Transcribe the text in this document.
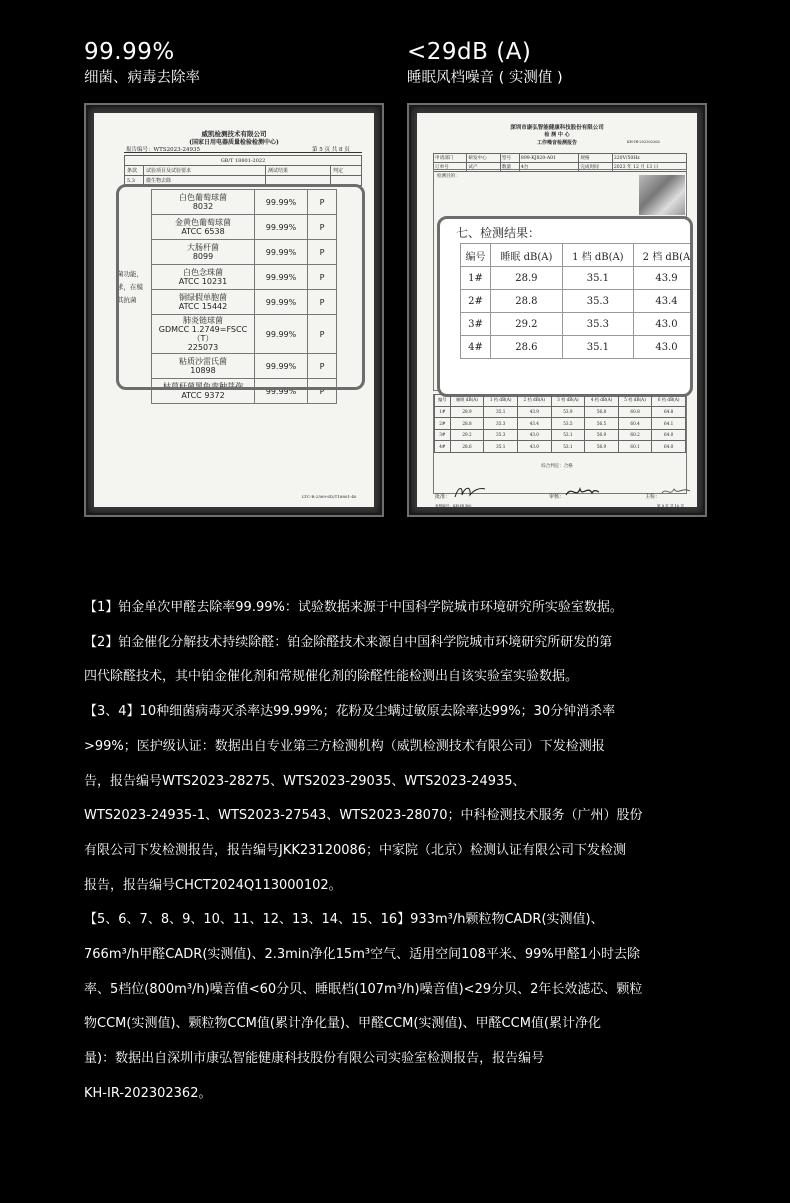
99.99%
细菌、病毒去除率
<29dB (A)
睡眠风档噪音 ( 实测值 )
威凯检测技术有限公司
(国家日用电器质量检验检测中心)
报告编号：WTS2023-24935	第 5 页 共 8 页
GB/T 18801-2022			
条款	试验项目及试验要求	测试结果	判定
5.3	微生物去除		
菌功能，
求，在模
其抗菌
。
白色葡萄球菌
8032	99.99%	P

金黄色葡萄球菌
ATCC 6538	99.99%	P

大肠杆菌
8099	99.99%	P

白色念珠菌
ATCC 10231	99.99%	P

铜绿假单胞菌
ATCC 15442	99.99%	P

肺炎链球菌
GDMCC 1.2749=FSCC（T）
225073	99.99%	P

粘质沙雷氏菌
10898	99.99%	P

枯草杆菌黑色变种芽孢
ATCC 9372	99.99%	P
LTC-R-2569-SD/T18801-40
深圳市康弘智能健康科技股份有限公司
检 测 中 心
工作噪音检测报告	KH-IR-202302362
申请部门	研发中心	型号	899-KJ820-A01	规格	220V/50Hz
订单号	试产	数量	4台	完成时间	2023 年 12 月 13 日
检测目的：
七、检测结果：
编号	睡眠 dB(A)	1 档 dB(A)	2 档 dB(A
1#	28.9	35.1	43.9
2#	28.8	35.3	43.4
3#	29.2	35.3	43.0
4#	28.6	35.1	43.0
编号	睡眠 dB(A)	1 档 dB(A)	2 档 dB(A)	3 档 dB(A)	4 档 dB(A)	5 档 dB(A)	6 档 dB(A)
1#	28.9	35.1	43.9	53.9	56.8	60.8	64.8
2#	28.8	35.3	43.4	53.5	56.5	60.4	64.1
3#	29.2	35.3	43.0	53.1	56.9	60.2	64.0
4#	28.6	35.1	43.0	53.1	56.9	60.1	64.0
综合判定：合格
批准：	审核：	主检：
表格编号：KH-IR R/0	第 8 页 共 10 页

【1】铂金单次甲醛去除率99.99%：试验数据来源于中国科学院城市环境研究所实验室数据。

【2】铂金催化分解技术持续除醛：铂金除醛技术来源自中国科学院城市环境研究所研发的第

四代除醛技术，其中铂金催化剂和常规催化剂的除醛性能检测出自该实验室实验数据。

【3、4】10种细菌病毒灭杀率达99.99%；花粉及尘螨过敏原去除率达99%；30分钟消杀率

>99%；医护级认证：数据出自专业第三方检测机构（威凯检测技术有限公司）下发检测报

告，报告编号WTS2023-28275、WTS2023-29035、WTS2023-24935、

WTS2023-24935-1、WTS2023-27543、WTS2023-28070；中科检测技术服务（广州）股份

有限公司下发检测报告，报告编号JKK23120086；中家院（北京）检测认证有限公司下发检测

报告，报告编号CHCT2024Q113000102。

【5、6、7、8、9、10、11、12、13、14、15、16】933m³/h颗粒物CADR(实测值)、

766m³/h甲醛CADR(实测值)、2.3min净化15m³空气、适用空间108平米、99%甲醛1小时去除

率、5档位(800m³/h)噪音值<60分贝、睡眠档(107m³/h)噪音值)<29分贝、2年长效滤芯、颗粒

物CCM(实测值)、颗粒物CCM值(累计净化量)、甲醛CCM(实测值)、甲醛CCM值(累计净化

量)：数据出自深圳市康弘智能健康科技股份有限公司实验室检测报告，报告编号

KH-IR-202302362。
